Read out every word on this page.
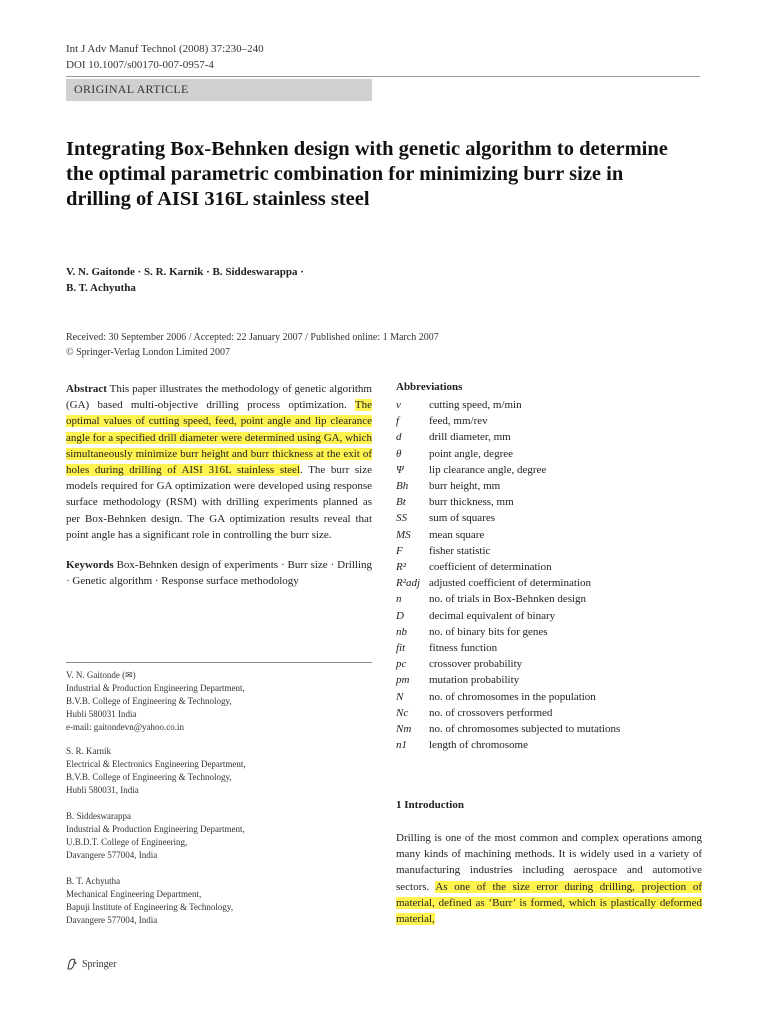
Int J Adv Manuf Technol (2008) 37:230–240
DOI 10.1007/s00170-007-0957-4
ORIGINAL ARTICLE
Integrating Box-Behnken design with genetic algorithm to determine the optimal parametric combination for minimizing burr size in drilling of AISI 316L stainless steel
V. N. Gaitonde · S. R. Karnik · B. Siddeswarappa ·
B. T. Achyutha
Received: 30 September 2006 / Accepted: 22 January 2007 / Published online: 1 March 2007
© Springer-Verlag London Limited 2007
Abstract This paper illustrates the methodology of genetic algorithm (GA) based multi-objective drilling process optimization. The optimal values of cutting speed, feed, point angle and lip clearance angle for a specified drill diameter were determined using GA, which simultaneously minimize burr height and burr thickness at the exit of holes during drilling of AISI 316L stainless steel. The burr size models required for GA optimization were developed using response surface methodology (RSM) with drilling experiments planned as per Box-Behnken design. The GA optimization results reveal that point angle has a significant role in controlling the burr size.
Keywords Box-Behnken design of experiments · Burr size · Drilling · Genetic algorithm · Response surface methodology
V. N. Gaitonde (✉)
Industrial & Production Engineering Department,
B.V.B. College of Engineering & Technology,
Hubli 580031 India
e-mail: gaitondevn@yahoo.co.in
S. R. Karnik
Electrical & Electronics Engineering Department,
B.V.B. College of Engineering & Technology,
Hubli 580031, India
B. Siddeswarappa
Industrial & Production Engineering Department,
U.B.D.T. College of Engineering,
Davangere 577004, India
B. T. Achyutha
Mechanical Engineering Department,
Bapuji Institute of Engineering & Technology,
Davangere 577004, India
Abbreviations
v	cutting speed, m/min
f	feed, mm/rev
d	drill diameter, mm
θ	point angle, degree
Ψ	lip clearance angle, degree
Bh	burr height, mm
Bt	burr thickness, mm
SS	sum of squares
MS	mean square
F	fisher statistic
R²	coefficient of determination
R²adj adjusted coefficient of determination
n	no. of trials in Box-Behnken design
D	decimal equivalent of binary
nb	no. of binary bits for genes
fit	fitness function
pc	crossover probability
pm	mutation probability
N	no. of chromosomes in the population
Nc	no. of crossovers performed
Nm	no. of chromosomes subjected to mutations
n1	length of chromosome
1 Introduction
Drilling is one of the most common and complex operations among many kinds of machining methods. It is widely used in a variety of manufacturing industries including aerospace and automotive sectors. As one of the size error during drilling, projection of material, defined as ‘Burr’ is formed, which is plastically deformed material,
Springer
